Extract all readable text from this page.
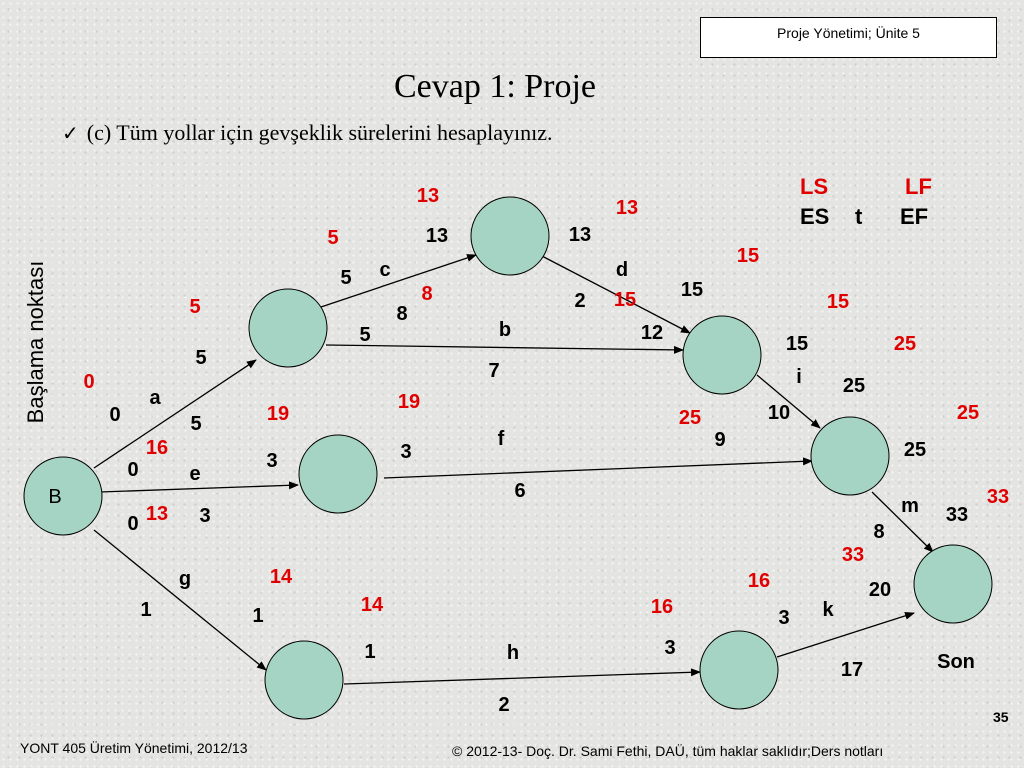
Proje Yönetimi; Ünite 5
Cevap 1: Proje
✓ (c) Tüm yollar için gevşeklik sürelerini hesaplayınız.
Başlama noktası
LS	LF
ES t EF
B
Son
0
0
a
5
5
5
5
5 c
8
13
13
8
5	b
7
15
12
13
13
d
2
15
15
16
0	e
3
19
3
19
3
f
6
25
9
15
15
i
10
25
25
25
25
m
8
33
33
13
0
g
1
14
1	14
1	h
2
16
3
16
3 k
17
33
20
YONT 405 Üretim Yönetimi, 2012/13	© 2012-13- Doç. Dr. Sami Fethi, DAÜ, tüm haklar saklıdır;Ders notları
35
